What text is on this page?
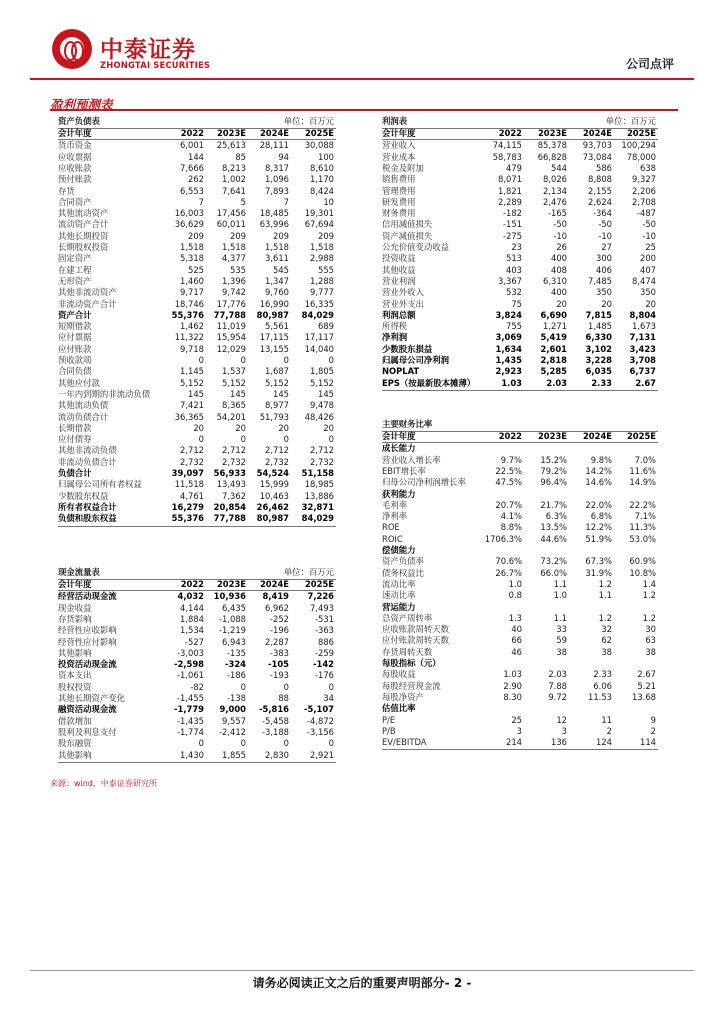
中泰证券
ZHONGTAI SECURITIES	公司点评
盈利预测表
资产负债表	单位：百万元
会计年度	2022	2023E	2024E	2025E
货币资金	6,001	25,613	28,111	30,088
应收票据	144	85	94	100
应收账款	7,666	8,213	8,317	8,610
预付账款	262	1,002	1,096	1,170
存货	6,553	7,641	7,893	8,424
合同资产	7	5	7	10
其他流动资产	16,003	17,456	18,485	19,301
流动资产合计	36,629	60,011	63,996	67,694
其他长期投资	209	209	209	209
长期股权投资	1,518	1,518	1,518	1,518
固定资产	5,318	4,377	3,611	2,988
在建工程	525	535	545	555
无形资产	1,460	1,396	1,347	1,288
其他非流动资产	9,717	9,742	9,760	9,777
非流动资产合计	18,746	17,776	16,990	16,335
资产合计	55,376	77,788	80,987	84,029
短期借款	1,462	11,019	5,561	689
应付票据	11,322	15,954	17,115	17,117
应付账款	9,718	12,029	13,155	14,040
预收款项	0	0	0	0
合同负债	1,145	1,537	1,687	1,805
其他应付款	5,152	5,152	5,152	5,152
一年内到期的非流动负债	145	145	145	145
其他流动负债	7,421	8,365	8,977	9,478
流动负债合计	36,365	54,201	51,793	48,426
长期借款	20	20	20	20
应付债券	0	0	0	0
其他非流动负债	2,712	2,712	2,712	2,712
非流动负债合计	2,732	2,732	2,732	2,732
负债合计	39,097	56,933	54,524	51,158
归属母公司所有者权益	11,518	13,493	15,999	18,985
少数股东权益	4,761	7,362	10,463	13,886
所有者权益合计	16,279	20,854	26,462	32,871
负债和股东权益	55,376	77,788	80,987	84,029
利润表	单位：百万元
会计年度	2022	2023E	2024E	2025E
营业收入	74,115	85,378	93,703	100,294
营业成本	58,783	66,828	73,084	78,000
税金及附加	479	544	586	638
销售费用	8,071	8,026	8,808	9,327
管理费用	1,821	2,134	2,155	2,206
研发费用	2,289	2,476	2,624	2,708
财务费用	-182	-165	-364	-487
信用减值损失	-151	-50	-50	-50
资产减值损失	-275	-10	-10	-10
公允价值变动收益	23	26	27	25
投资收益	513	400	300	200
其他收益	403	408	406	407
营业利润	3,367	6,310	7,485	8,474
营业外收入	532	400	350	350
营业外支出	75	20	20	20
利润总额	3,824	6,690	7,815	8,804
所得税	755	1,271	1,485	1,673
净利润	3,069	5,419	6,330	7,131
少数股东损益	1,634	2,601	3,102	3,423
归属母公司净利润	1,435	2,818	3,228	3,708
NOPLAT	2,923	5,285	6,035	6,737
EPS（按最新股本摊薄）	1.03	2.03	2.33	2.67
主要财务比率
会计年度	2022	2023E	2024E	2025E
成长能力
营业收入增长率	9.7%	15.2%	9.8%	7.0%
EBIT增长率	22.5%	79.2%	14.2%	11.6%
归母公司净利润增长率	47.5%	96.4%	14.6%	14.9%
获利能力
毛利率	20.7%	21.7%	22.0%	22.2%
净利率	4.1%	6.3%	6.8%	7.1%
ROE	8.8%	13.5%	12.2%	11.3%
ROIC	1706.3%	44.6%	51.9%	53.0%
偿债能力
资产负债率	70.6%	73.2%	67.3%	60.9%
债务权益比	26.7%	66.0%	31.9%	10.8%
流动比率	1.0	1.1	1.2	1.4
速动比率	0.8	1.0	1.1	1.2
营运能力
总资产周转率	1.3	1.1	1.2	1.2
应收账款周转天数	40	33	32	30
应付账款周转天数	66	59	62	63
存货周转天数	46	38	38	38
每股指标（元）
每股收益	1.03	2.03	2.33	2.67
每股经营现金流	2.90	7.88	6.06	5.21
每股净资产	8.30	9.72	11.53	13.68
估值比率
P/E	25	12	11	9
P/B	3	3	2	2
EV/EBITDA	214	136	124	114
现金流量表	单位：百万元
会计年度	2022	2023E	2024E	2025E
经营活动现金流	4,032	10,936	8,419	7,226
现金收益	4,144	6,435	6,962	7,493
存货影响	1,884	-1,088	-252	-531
经营性应收影响	1,534	-1,219	-196	-363
经营性应付影响	-527	6,943	2,287	886
其他影响	-3,003	-135	-383	-259
投资活动现金流	-2,598	-324	-105	-142
资本支出	-1,061	-186	-193	-176
股权投资	-82	0	0	0
其他长期资产变化	-1,455	-138	88	34
融资活动现金流	-1,779	9,000	-5,816	-5,107
借款增加	-1,435	9,557	-5,458	-4,872
股利及利息支付	-1,774	-2,412	-3,188	-3,156
股东融资	0	0	0	0
其他影响	1,430	1,855	2,830	2,921
来源：wind，中泰证券研究所
请务必阅读正文之后的重要声明部分- 2 -
